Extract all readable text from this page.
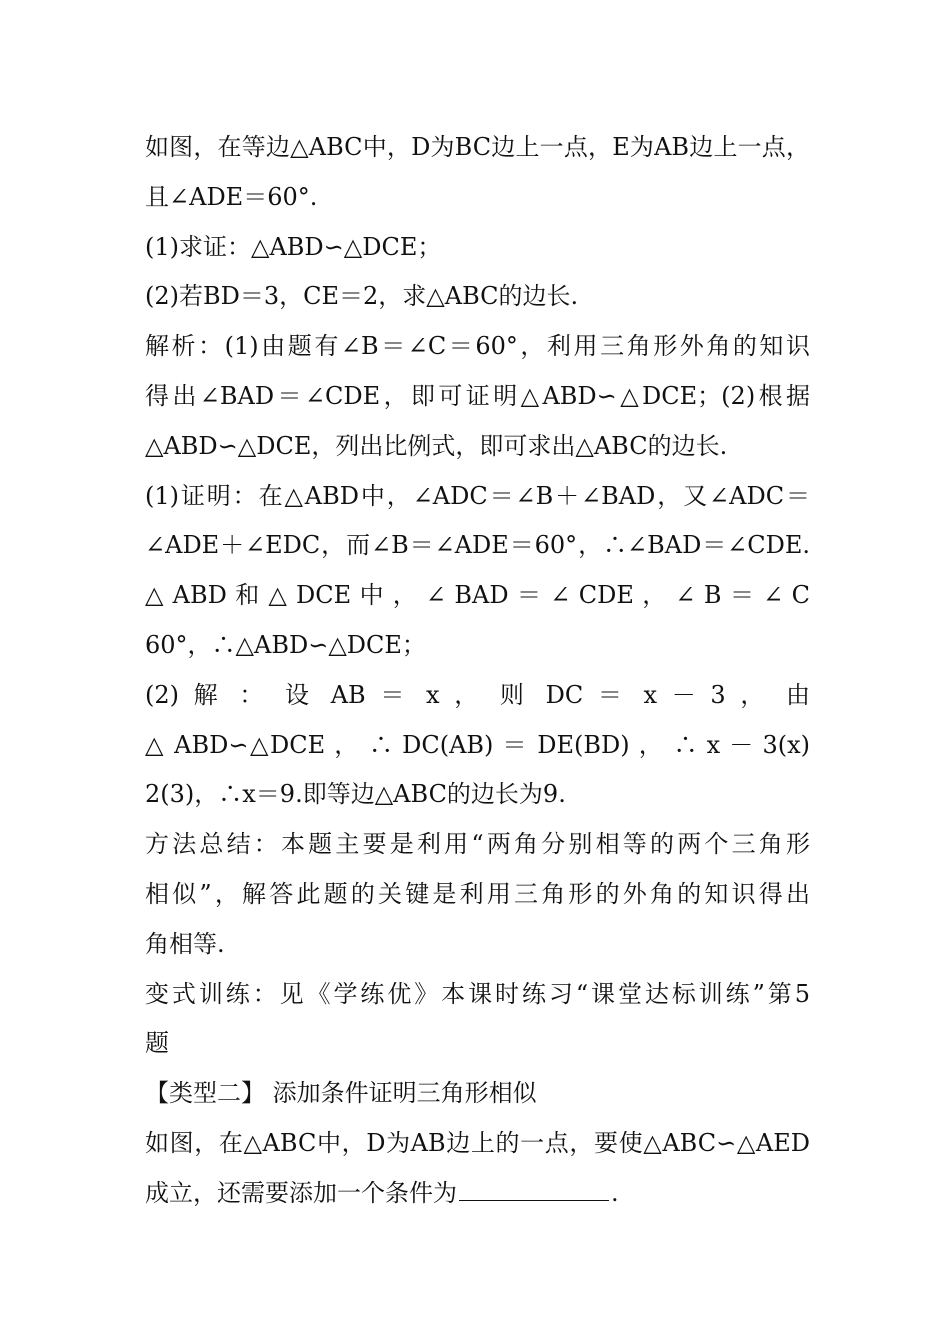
如图，在等边△ABC中，D为BC边上一点，E为AB边上一点，
且∠ADE＝60°.
(1)求证：△ABD∽△DCE；
(2)若BD＝3，CE＝2，求△ABC的边长.
解析：(1)由题有∠B＝∠C＝60°，利用三角形外角的知识
得出∠BAD＝∠CDE，即可证明△ABD∽△DCE；(2)根据
△ABD∽△DCE，列出比例式，即可求出△ABC的边长.
(1)证明：在△ABD中，∠ADC＝∠B＋∠BAD，又∠ADC＝
∠ADE＋∠EDC，而∠B＝∠ADE＝60°，∴∠BAD＝∠CDE.
△ ABD 和 △ DCE 中 ， ∠ BAD ＝ ∠ CDE ， ∠ B ＝ ∠ C
60°，∴△ABD∽△DCE；
(2) 解 ： 设 AB ＝ x ， 则 DC ＝ x － 3 ， 由
△ ABD∽△DCE ， ∴ DC(AB) ＝ DE(BD) ， ∴ x － 3(x)
2(3)，∴x＝9.即等边△ABC的边长为9.
方法总结：本题主要是利用“两角分别相等的两个三角形
相似”，解答此题的关键是利用三角形的外角的知识得出
角相等.
变式训练：见《学练优》本课时练习“课堂达标训练”第5
题
【类型二】 添加条件证明三角形相似
如图，在△ABC中，D为AB边上的一点，要使△ABC∽△AED
成立，还需要添加一个条件为	.
